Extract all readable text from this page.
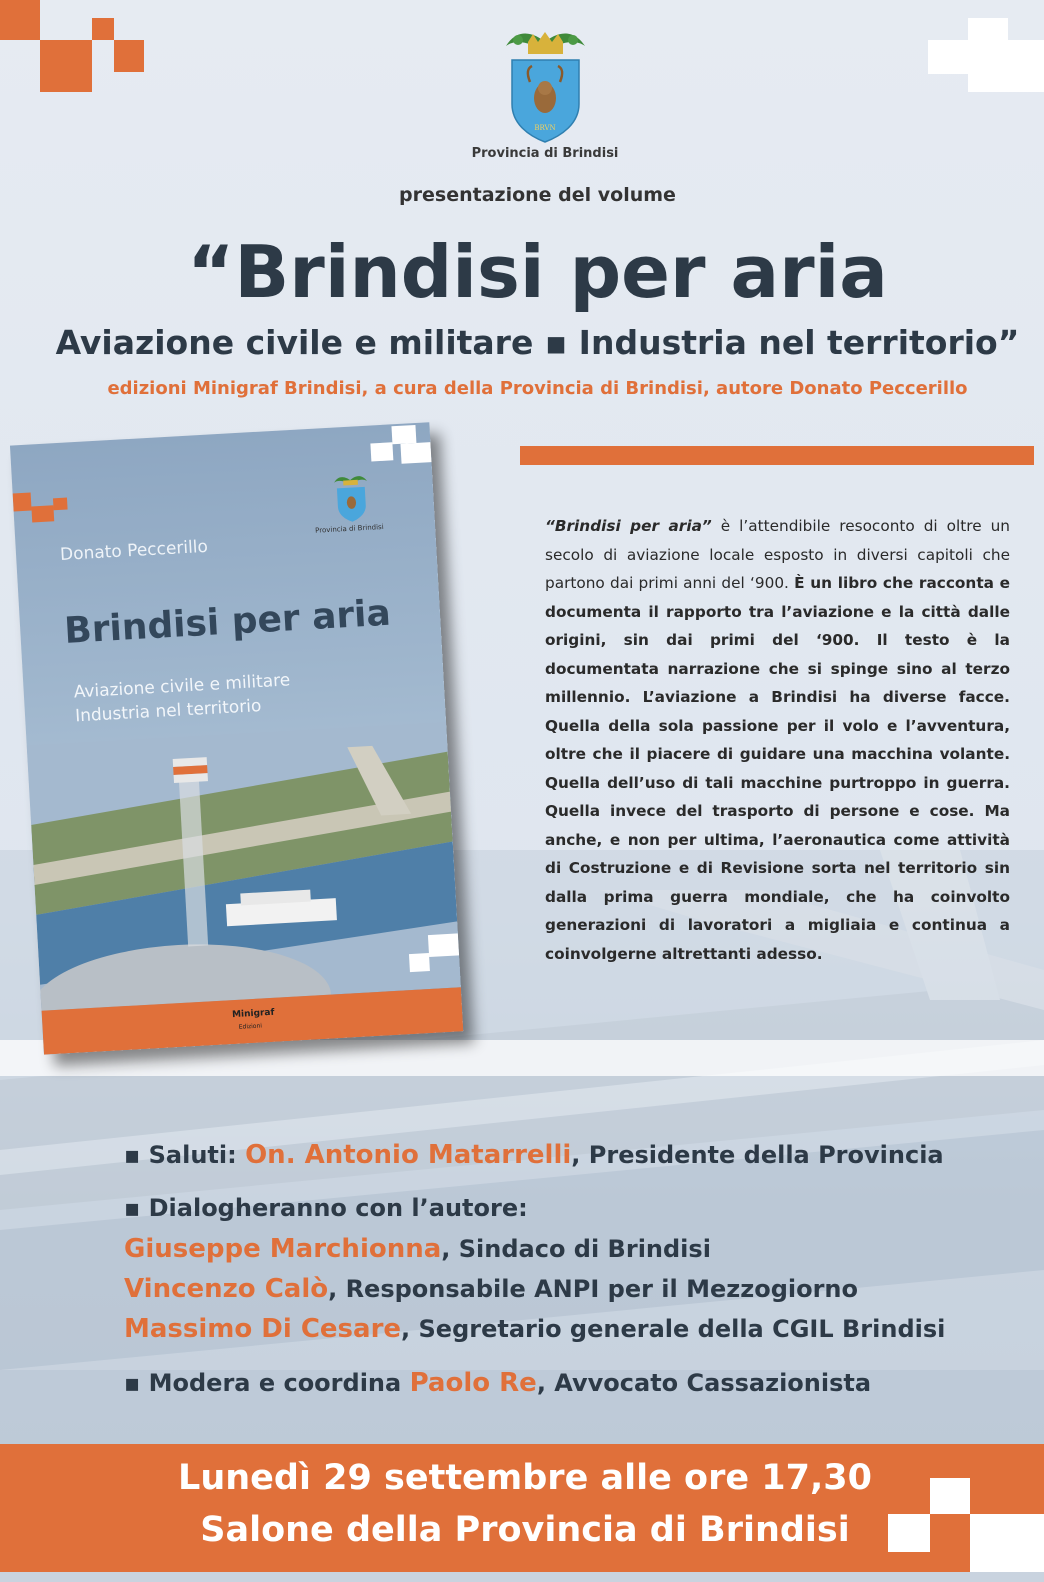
BRVN
Provincia di Brindisi
presentazione del volume
“Brindisi per aria
Aviazione civile e militare ▪ Industria nel territorio”
edizioni Minigraf Brindisi, a cura della Provincia di Brindisi, autore Donato Peccerillo
Provincia di Brindisi
Donato Peccerillo
Brindisi per aria
Aviazione civile e militare
Industria nel territorio
Minigraf
Edizioni
“Brindisi per aria” è l’attendibile resoconto di oltre un secolo di aviazione locale esposto in diversi capitoli che partono dai primi anni del ‘900. È un libro che racconta e documenta il rapporto tra l’aviazione e la città dalle origini, sin dai primi del ‘900. Il testo è la documentata narrazione che si spinge sino al terzo millennio. L’aviazione a Brindisi ha diverse facce. Quella della sola passione per il volo e l’avventura, oltre che il piacere di guidare una macchina volante. Quella dell’uso di tali macchine purtroppo in guerra. Quella invece del trasporto di persone e cose. Ma anche, e non per ultima, l’aeronautica come attività di Costruzione e di Revisione sorta nel territorio sin dalla prima guerra mondiale, che ha coinvolto generazioni di lavoratori a migliaia e continua a coinvolgerne altrettanti adesso.
▪ Saluti: On. Antonio Matarrelli, Presidente della Provincia
▪ Dialogheranno con l’autore:
Giuseppe Marchionna, Sindaco di Brindisi
Vincenzo Calò, Responsabile ANPI per il Mezzogiorno
Massimo Di Cesare, Segretario generale della CGIL Brindisi
▪ Modera e coordina Paolo Re, Avvocato Cassazionista
Lunedì 29 settembre alle ore 17,30
Salone della Provincia di Brindisi
